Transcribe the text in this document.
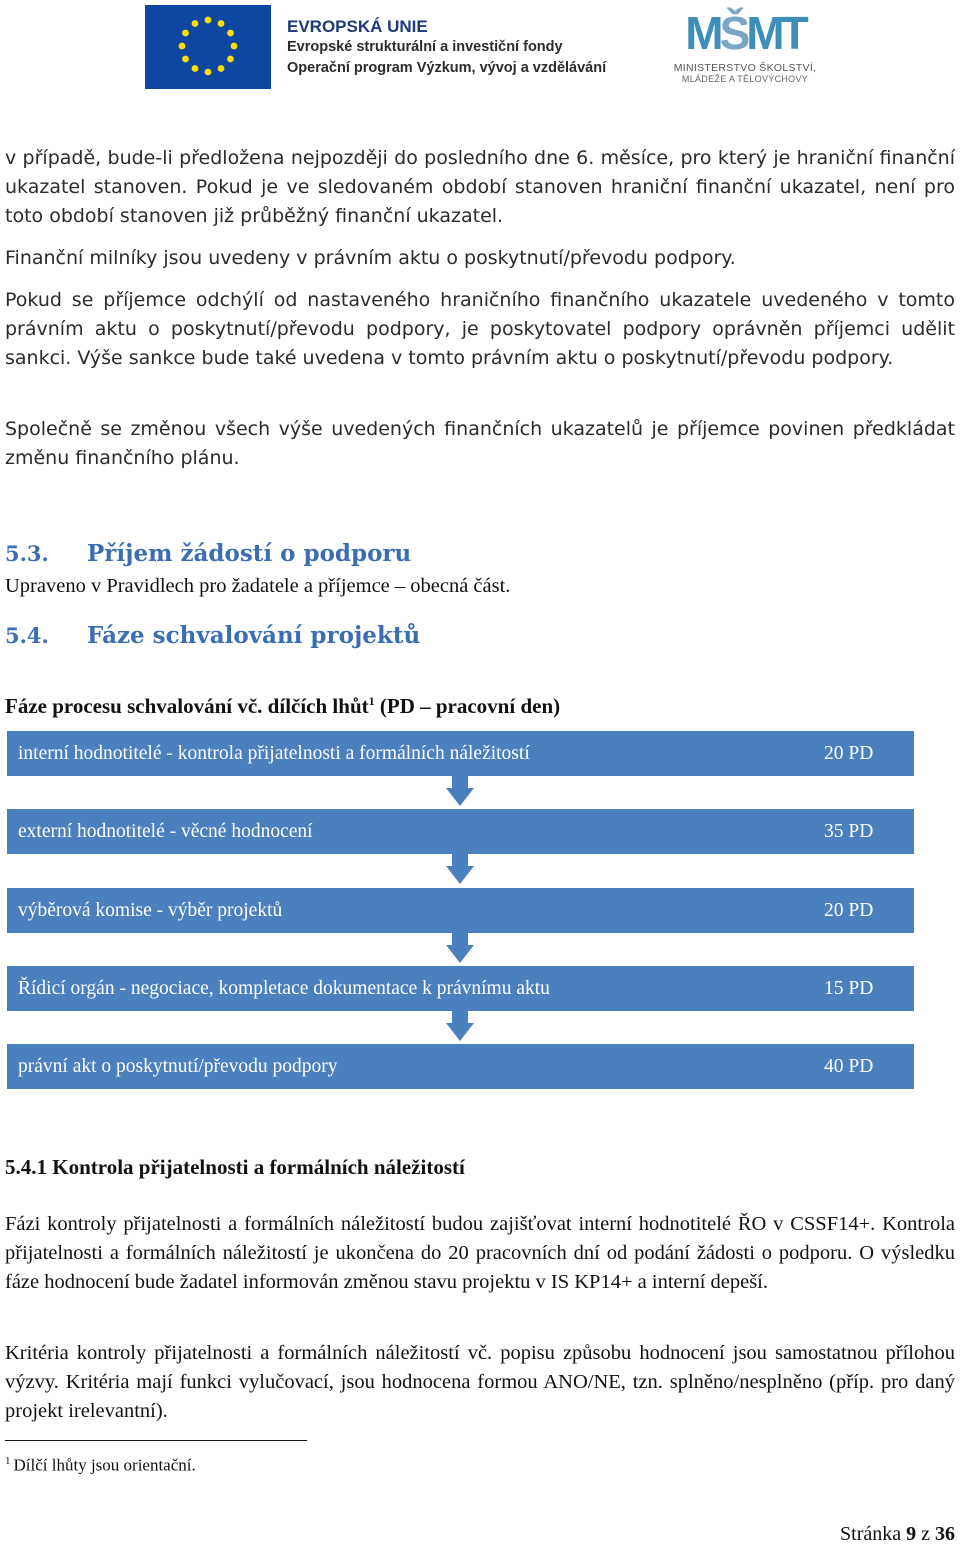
EVROPSKÁ UNIE
Evropské strukturální a investiční fondy
Operační program Výzkum, vývoj a vzdělávání
MŠMT
MINISTERSTVO ŠKOLSTVÍ,
MLÁDEŽE A TĚLOVÝCHOVY

v případě, bude-li předložena nejpozději do posledního dne 6. měsíce, pro který je hraniční finanční ukazatel stanoven. Pokud je ve sledovaném období stanoven hraniční finanční ukazatel, není pro toto období stanoven již průběžný finanční ukazatel.

Finanční milníky jsou uvedeny v právním aktu o poskytnutí/převodu podpory.

Pokud se příjemce odchýlí od nastaveného hraničního finančního ukazatele uvedeného v tomto právním aktu o poskytnutí/převodu podpory, je poskytovatel podpory oprávněn příjemci udělit sankci. Výše sankce bude také uvedena v tomto právním aktu o poskytnutí/převodu podpory.

Společně se změnou všech výše uvedených finančních ukazatelů je příjemce povinen předkládat změnu finančního plánu.

5.3. Příjem žádostí o podporu

Upraveno v Pravidlech pro žadatele a příjemce – obecná část.

5.4. Fáze schvalování projektů
Fáze procesu schvalování vč. dílčích lhůt$^1$ (PD – pracovní den)
interní hodnotitelé - kontrola přijatelnosti a formálních náležitostí	20 PD
externí hodnotitelé - věcné hodnocení	35 PD
výběrová komise - výběr projektů	20 PD
Řídicí orgán - negociace, kompletace dokumentace k právnímu aktu	15 PD
právní akt o poskytnutí/převodu podpory	40 PD
5.4.1 Kontrola přijatelnosti a formálních náležitostí

Fázi kontroly přijatelnosti a formálních náležitostí budou zajišťovat interní hodnotitelé ŘO v CSSF14+. Kontrola přijatelnosti a formálních náležitostí je ukončena do 20 pracovních dní od podání žádosti o podporu. O výsledku fáze hodnocení bude žadatel informován změnou stavu projektu v IS KP14+ a interní depeší.

Kritéria kontroly přijatelnosti a formálních náležitostí vč. popisu způsobu hodnocení jsou samostatnou přílohou výzvy. Kritéria mají funkci vylučovací, jsou hodnocena formou ANO/NE, tzn. splněno/nesplněno (příp. pro daný projekt irelevantní).

$^1$ Dílčí lhůty jsou orientační.
Stránka 9 z 36
